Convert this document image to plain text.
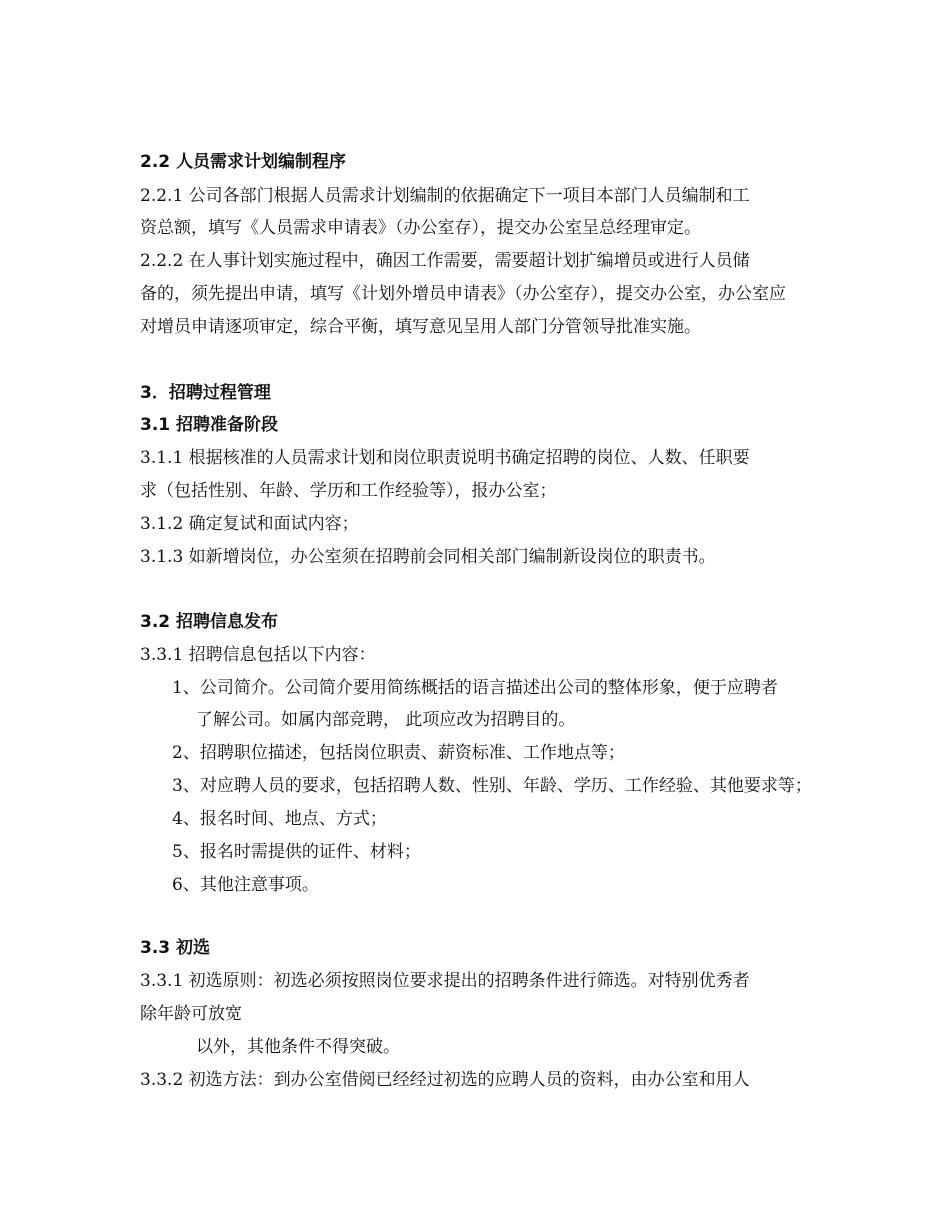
2.2 人员需求计划编制程序
2.2.1 公司各部门根据人员需求计划编制的依据确定下一项目本部门人员编制和工
资总额，填写《人员需求申请表》（办公室存），提交办公室呈总经理审定。
2.2.2 在人事计划实施过程中，确因工作需要，需要超计划扩编增员或进行人员储
备的，须先提出申请，填写《计划外增员申请表》（办公室存），提交办公室，办公室应
对增员申请逐项审定，综合平衡，填写意见呈用人部门分管领导批准实施。
3．招聘过程管理
3.1 招聘准备阶段
3.1.1 根据核准的人员需求计划和岗位职责说明书确定招聘的岗位、人数、任职要
求（包括性别、年龄、学历和工作经验等），报办公室；
3.1.2 确定复试和面试内容；
3.1.3 如新增岗位，办公室须在招聘前会同相关部门编制新设岗位的职责书。
3.2 招聘信息发布
3.3.1 招聘信息包括以下内容：
1、公司简介。公司简介要用简练概括的语言描述出公司的整体形象，便于应聘者
了解公司。如属内部竞聘， 此项应改为招聘目的。
2、招聘职位描述，包括岗位职责、薪资标准、工作地点等；
3、对应聘人员的要求，包括招聘人数、性别、年龄、学历、工作经验、其他要求等；
4、报名时间、地点、方式；
5、报名时需提供的证件、材料；
6、其他注意事项。
3.3 初选
3.3.1 初选原则：初选必须按照岗位要求提出的招聘条件进行筛选。对特别优秀者
除年龄可放宽
以外，其他条件不得突破。
3.3.2 初选方法：到办公室借阅已经经过初选的应聘人员的资料，由办公室和用人
